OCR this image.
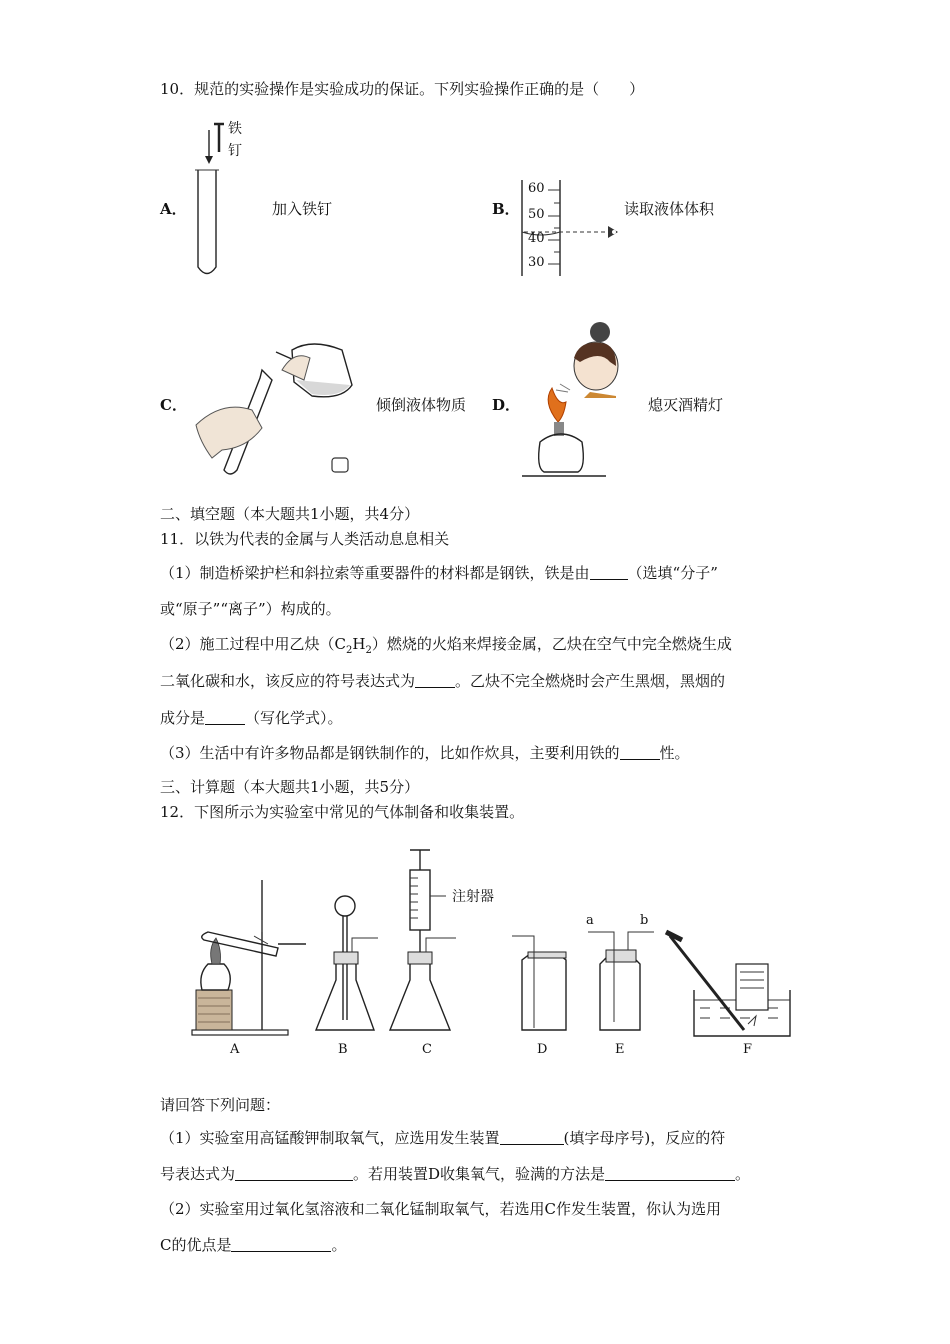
10．规范的实验操作是实验成功的保证。下列实验操作正确的是（　　）
铁
钉
A．	加入铁钉
60
50
40
30
B．	读取液体体积
C．	倾倒液体物质 D．	熄灭酒精灯
二、填空题（本大题共1小题，共4分）
11．以铁为代表的金属与人类活动息息相关
（1）制造桥梁护栏和斜拉索等重要器件的材料都是钢铁，铁是由	（选填“分子”
或“原子”“离子”）构成的。
（2）施工过程中用乙炔$(C_2H_2)$燃烧的火焰来焊接金属，乙炔在空气中完全燃烧生成
二氧化碳和水，该反应的符号表达式为	。乙炔不完全燃烧时会产生黑烟，黑烟的
成分是	（写化学式）。
（3）生活中有许多物品都是钢铁制作的，比如作炊具，主要利用铁的	性。
三、计算题（本大题共1小题，共5分）
12．下图所示为实验室中常见的气体制备和收集装置。
注射器
a	b
A	B	C	D	E	F
请回答下列问题：
（1）实验室用高锰酸钾制取氧气，应选用发生装置	(填字母序号)，反应的符
号表达式为	。若用装置D收集氧气，验满的方法是	。
（2）实验室用过氧化氢溶液和二氧化锰制取氧气，若选用C作发生装置，你认为选用
C的优点是	。
